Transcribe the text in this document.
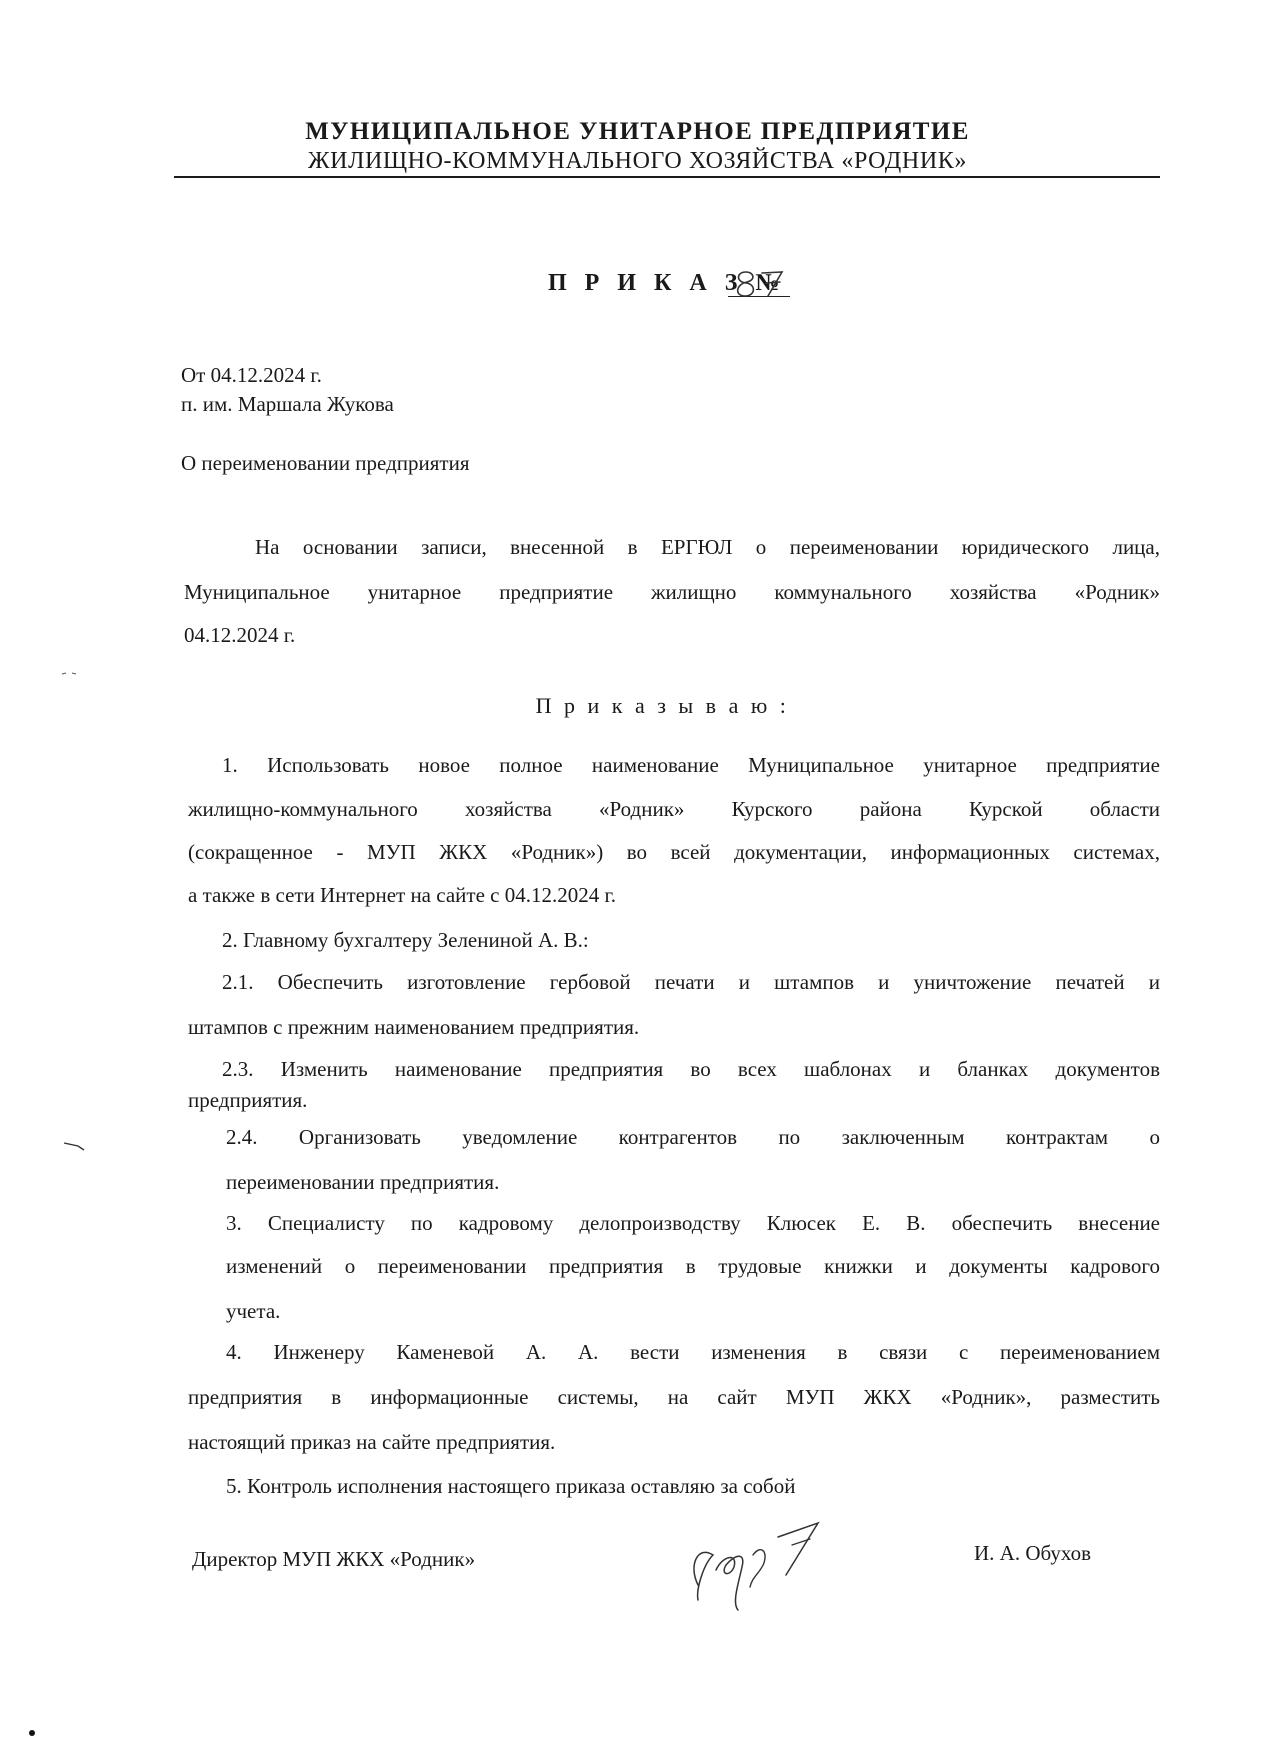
МУНИЦИПАЛЬНОЕ УНИТАРНОЕ ПРЕДПРИЯТИЕ
ЖИЛИЩНО-КОММУНАЛЬНОГО ХОЗЯЙСТВА «РОДНИК»
П Р И К А З №
От 04.12.2024 г.
п. им. Маршала Жукова
О переименовании предприятия
На основании записи, внесенной в ЕРГЮЛ о переименовании юридического лица,
Муниципальное унитарное предприятие жилищно коммунального хозяйства «Родник»
04.12.2024 г.
П р и к а з ы в а ю :
1. Использовать новое полное наименование Муниципальное унитарное предприятие
жилищно-коммунального хозяйства «Родник» Курского района Курской области
(сокращенное - МУП ЖКХ «Родник») во всей документации, информационных системах,
а также в сети Интернет на сайте с 04.12.2024 г.
2. Главному бухгалтеру Зелениной А. В.:
2.1. Обеспечить изготовление гербовой печати и штампов и уничтожение печатей и
штампов с прежним наименованием предприятия.
2.3. Изменить наименование предприятия во всех шаблонах и бланках документов
предприятия.
2.4. Организовать уведомление контрагентов по заключенным контрактам о
переименовании предприятия.
3. Специалисту по кадровому делопроизводству Клюсек Е. В. обеспечить внесение
изменений о переименовании предприятия в трудовые книжки и документы кадрового
учета.
4. Инженеру Каменевой А. А. вести изменения в связи с переименованием
предприятия в информационные системы, на сайт МУП ЖКХ «Родник», разместить
настоящий приказ на сайте предприятия.
5. Контроль исполнения настоящего приказа оставляю за собой
Директор МУП ЖКХ «Родник»	И. А. Обухов
